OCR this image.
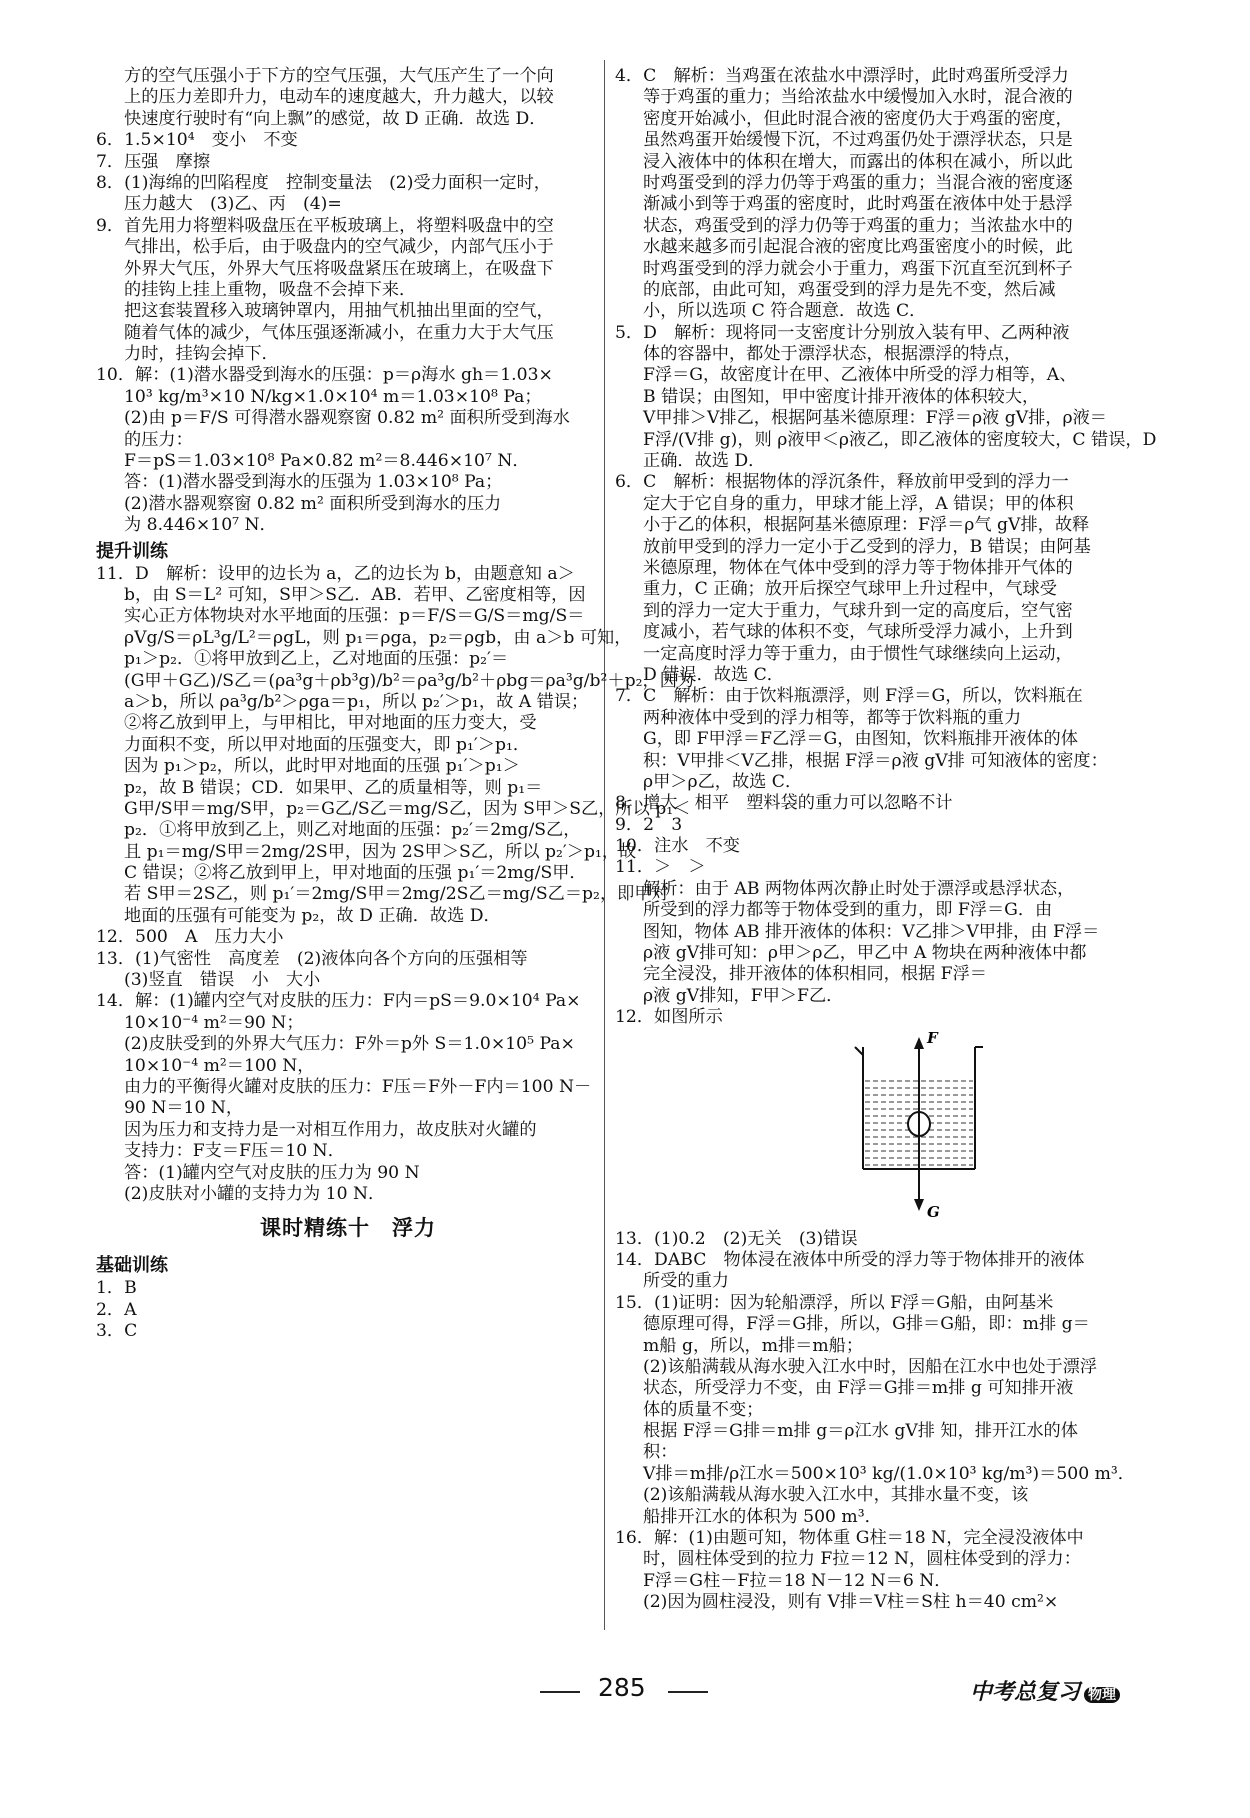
方的空气压强小于下方的空气压强，大气压产生了一个向
上的压力差即升力，电动车的速度越大，升力越大，以较
快速度行驶时有“向上飘”的感觉，故 D 正确．故选 D．
6．1.5×10⁴　变小　不变
7．压强　摩擦
8．(1)海绵的凹陷程度　控制变量法　(2)受力面积一定时，
压力越大　(3)乙、丙　(4)=
9．首先用力将塑料吸盘压在平板玻璃上，将塑料吸盘中的空
气排出，松手后，由于吸盘内的空气减少，内部气压小于
外界大气压，外界大气压将吸盘紧压在玻璃上，在吸盘下
的挂钩上挂上重物，吸盘不会掉下来．
把这套装置移入玻璃钟罩内，用抽气机抽出里面的空气，
随着气体的减少，气体压强逐渐减小，在重力大于大气压
力时，挂钩会掉下．
10．解：(1)潜水器受到海水的压强：p＝ρ海水 gh＝1.03×
10³ kg/m³×10 N/kg×1.0×10⁴ m＝1.03×10⁸ Pa；
(2)由 p＝F/S 可得潜水器观察窗 0.82 m² 面积所受到海水
的压力：
F＝pS＝1.03×10⁸ Pa×0.82 m²＝8.446×10⁷ N．
答：(1)潜水器受到海水的压强为 1.03×10⁸ Pa；
(2)潜水器观察窗 0.82 m² 面积所受到海水的压力
为 8.446×10⁷ N．
提升训练
11．D　解析：设甲的边长为 a，乙的边长为 b，由题意知 a＞
b，由 S＝L² 可知，S甲＞S乙．AB．若甲、乙密度相等，因
实心正方体物块对水平地面的压强：p＝F/S＝G/S＝mg/S＝
ρVg/S＝ρL³g/L²＝ρgL，则 p₁＝ρga，p₂＝ρgb，由 a＞b 可知，
p₁＞p₂．①将甲放到乙上，乙对地面的压强：p₂′＝
(G甲＋G乙)/S乙＝(ρa³g＋ρb³g)/b²＝ρa³g/b²＋ρbg＝ρa³g/b²＋p₂，因为
a＞b，所以 ρa³g/b²＞ρga＝p₁，所以 p₂′＞p₁，故 A 错误；
②将乙放到甲上，与甲相比，甲对地面的压力变大，受
力面积不变，所以甲对地面的压强变大，即 p₁′＞p₁．
因为 p₁＞p₂，所以，此时甲对地面的压强 p₁′＞p₁＞
p₂，故 B 错误；CD．如果甲、乙的质量相等，则 p₁＝
G甲/S甲＝mg/S甲，p₂＝G乙/S乙＝mg/S乙，因为 S甲＞S乙，所以 p₁＜
p₂．①将甲放到乙上，则乙对地面的压强：p₂′＝2mg/S乙，
且 p₁＝mg/S甲＝2mg/2S甲，因为 2S甲＞S乙，所以 p₂′＞p₁，故
C 错误；②将乙放到甲上，甲对地面的压强 p₁′＝2mg/S甲．
若 S甲＝2S乙，则 p₁′＝2mg/S甲＝2mg/2S乙＝mg/S乙＝p₂，即甲对
地面的压强有可能变为 p₂，故 D 正确．故选 D．
12．500　A　压力大小
13．(1)气密性　高度差　(2)液体向各个方向的压强相等
(3)竖直　错误　小　大小
14．解：(1)罐内空气对皮肤的压力：F内＝pS＝9.0×10⁴ Pa×
10×10⁻⁴ m²＝90 N；
(2)皮肤受到的外界大气压力：F外＝p外 S＝1.0×10⁵ Pa×
10×10⁻⁴ m²＝100 N，
由力的平衡得火罐对皮肤的压力：F压＝F外－F内＝100 N－
90 N＝10 N，
因为压力和支持力是一对相互作用力，故皮肤对火罐的
支持力：F支＝F压＝10 N．
答：(1)罐内空气对皮肤的压力为 90 N
(2)皮肤对小罐的支持力为 10 N．
课时精练十　浮力
基础训练
1．B
2．A
3．C
4．C　解析：当鸡蛋在浓盐水中漂浮时，此时鸡蛋所受浮力
等于鸡蛋的重力；当给浓盐水中缓慢加入水时，混合液的
密度开始减小，但此时混合液的密度仍大于鸡蛋的密度，
虽然鸡蛋开始缓慢下沉，不过鸡蛋仍处于漂浮状态，只是
浸入液体中的体积在增大，而露出的体积在减小，所以此
时鸡蛋受到的浮力仍等于鸡蛋的重力；当混合液的密度逐
渐减小到等于鸡蛋的密度时，此时鸡蛋在液体中处于悬浮
状态，鸡蛋受到的浮力仍等于鸡蛋的重力；当浓盐水中的
水越来越多而引起混合液的密度比鸡蛋密度小的时候，此
时鸡蛋受到的浮力就会小于重力，鸡蛋下沉直至沉到杯子
的底部，由此可知，鸡蛋受到的浮力是先不变，然后减
小，所以选项 C 符合题意．故选 C．
5．D　解析：现将同一支密度计分别放入装有甲、乙两种液
体的容器中，都处于漂浮状态，根据漂浮的特点，
F浮＝G，故密度计在甲、乙液体中所受的浮力相等，A、
B 错误；由图知，甲中密度计排开液体的体积较大，
V甲排＞V排乙，根据阿基米德原理：F浮＝ρ液 gV排，ρ液＝
F浮/(V排 g)，则 ρ液甲＜ρ液乙，即乙液体的密度较大，C 错误，D
正确．故选 D．
6．C　解析：根据物体的浮沉条件，释放前甲受到的浮力一
定大于它自身的重力，甲球才能上浮，A 错误；甲的体积
小于乙的体积，根据阿基米德原理：F浮＝ρ气 gV排，故释
放前甲受到的浮力一定小于乙受到的浮力，B 错误；由阿基
米德原理，物体在气体中受到的浮力等于物体排开气体的
重力，C 正确；放开后探空气球甲上升过程中，气球受
到的浮力一定大于重力，气球升到一定的高度后，空气密
度减小，若气球的体积不变，气球所受浮力减小，上升到
一定高度时浮力等于重力，由于惯性气球继续向上运动，
D 错误．故选 C．
7．C　解析：由于饮料瓶漂浮，则 F浮＝G，所以，饮料瓶在
两种液体中受到的浮力相等，都等于饮料瓶的重力
G，即 F甲浮＝F乙浮＝G，由图知，饮料瓶排开液体的体
积：V甲排＜V乙排，根据 F浮＝ρ液 gV排 可知液体的密度：
ρ甲＞ρ乙，故选 C．
8．增大　相平　塑料袋的重力可以忽略不计
9．2　3
10．注水　不变
11．＞　＞
解析：由于 AB 两物体两次静止时处于漂浮或悬浮状态，
所受到的浮力都等于物体受到的重力，即 F浮＝G．由
图知，物体 AB 排开液体的体积：V乙排＞V甲排，由 F浮＝
ρ液 gV排可知：ρ甲＞ρ乙，甲乙中 A 物块在两种液体中都
完全浸没，排开液体的体积相同，根据 F浮＝
ρ液 gV排知，F甲＞F乙．
12．如图所示
F
G
13．(1)0.2　(2)无关　(3)错误
14．DABC　物体浸在液体中所受的浮力等于物体排开的液体
所受的重力
15．(1)证明：因为轮船漂浮，所以 F浮＝G船，由阿基米
德原理可得，F浮＝G排，所以，G排＝G船，即：m排 g＝
m船 g，所以，m排＝m船；
(2)该船满载从海水驶入江水中时，因船在江水中也处于漂浮
状态，所受浮力不变，由 F浮＝G排＝m排 g 可知排开液
体的质量不变；
根据 F浮＝G排＝m排 g＝ρ江水 gV排 知，排开江水的体
积：
V排＝m排/ρ江水＝500×10³ kg/(1.0×10³ kg/m³)＝500 m³．
(2)该船满载从海水驶入江水中，其排水量不变，该
船排开江水的体积为 500 m³．
16．解：(1)由题可知，物体重 G柱＝18 N，完全浸没液体中
时，圆柱体受到的拉力 F拉＝12 N，圆柱体受到的浮力：
F浮＝G柱－F拉＝18 N－12 N＝6 N．
(2)因为圆柱浸没，则有 V排＝V柱＝S柱 h＝40 cm²×
285	中考总复习 物理
